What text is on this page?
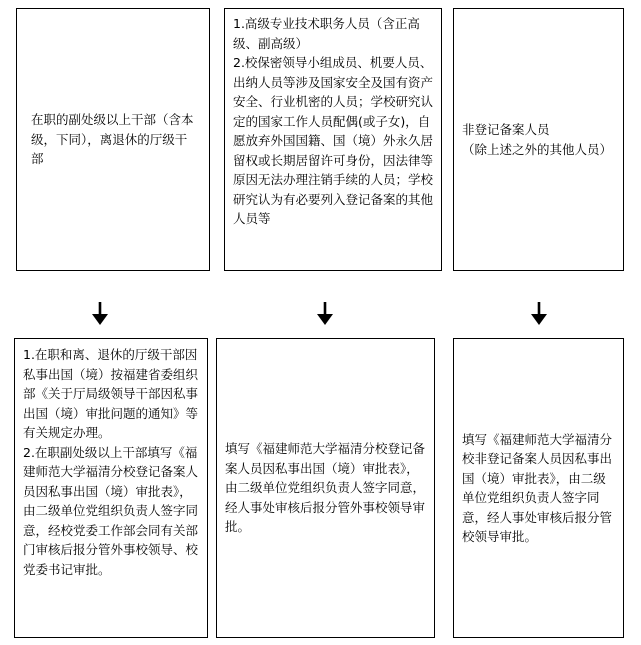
在职的副处级以上干部（含本级，下同），离退休的厅级干部

1.高级专业技术职务人员（含正高级、副高级）

2.校保密领导小组成员、机要人员、出纳人员等涉及国家安全及国有资产安全、行业机密的人员；学校研究认定的国家工作人员配偶(或子女)，自愿放弃外国国籍、国（境）外永久居留权或长期居留许可身份，因法律等原因无法办理注销手续的人员；学校研究认为有必要列入登记备案的其他人员等

非登记备案人员
（除上述之外的其他人员）

1.在职和离、退休的厅级干部因私事出国（境）按福建省委组织部《关于厅局级领导干部因私事出国（境）审批问题的通知》等有关规定办理。

2.在职副处级以上干部填写《福建师范大学福清分校登记备案人员因私事出国（境）审批表》，由二级单位党组织负责人签字同意，经校党委工作部会同有关部门审核后报分管外事校领导、校党委书记审批。

填写《福建师范大学福清分校登记备案人员因私事出国（境）审批表》，由二级单位党组织负责人签字同意，经人事处审核后报分管外事校领导审批。

填写《福建师范大学福清分校非登记备案人员因私事出国（境）审批表》，由二级单位党组织负责人签字同意，经人事处审核后报分管校领导审批。
